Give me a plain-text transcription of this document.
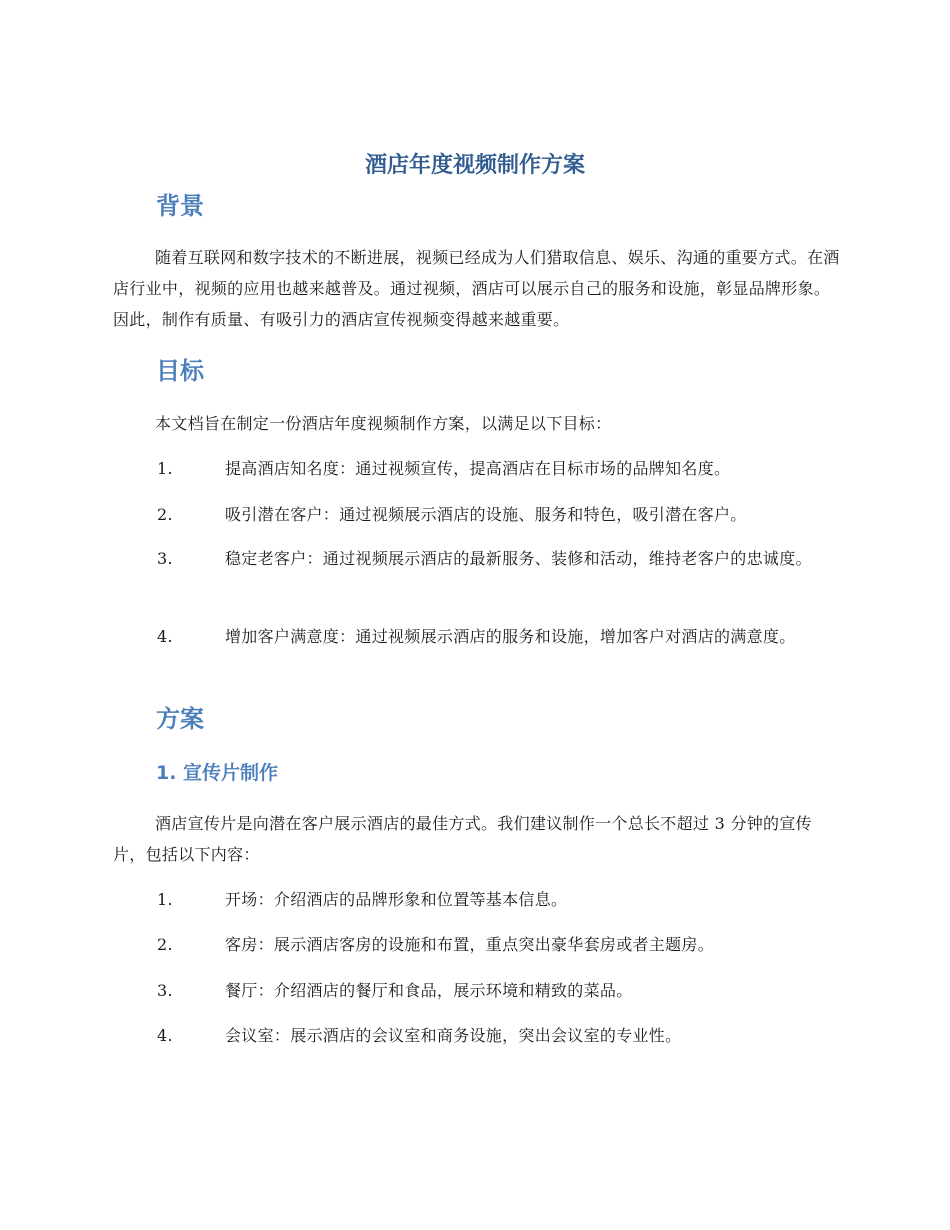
酒店年度视频制作方案
背景

随着互联网和数字技术的不断进展，视频已经成为人们猎取信息、娱乐、沟通的重要方式。在酒店行业中，视频的应用也越来越普及。通过视频，酒店可以展示自己的服务和设施，彰显品牌形象。因此，制作有质量、有吸引力的酒店宣传视频变得越来越重要。

目标

本文档旨在制定一份酒店年度视频制作方案，以满足以下目标：

1.	提高酒店知名度：通过视频宣传，提高酒店在目标市场的品牌知名度。

2.	吸引潜在客户：通过视频展示酒店的设施、服务和特色，吸引潜在客户。

3.	稳定老客户：通过视频展示酒店的最新服务、装修和活动，维持老客户的忠诚度。

4.	增加客户满意度：通过视频展示酒店的服务和设施，增加客户对酒店的满意度。

方案
1. 宣传片制作

酒店宣传片是向潜在客户展示酒店的最佳方式。我们建议制作一个总长不超过 3 分钟的宣传片，包括以下内容：

1.	开场：介绍酒店的品牌形象和位置等基本信息。

2.	客房：展示酒店客房的设施和布置，重点突出豪华套房或者主题房。

3.	餐厅：介绍酒店的餐厅和食品，展示环境和精致的菜品。

4.	会议室：展示酒店的会议室和商务设施，突出会议室的专业性。
